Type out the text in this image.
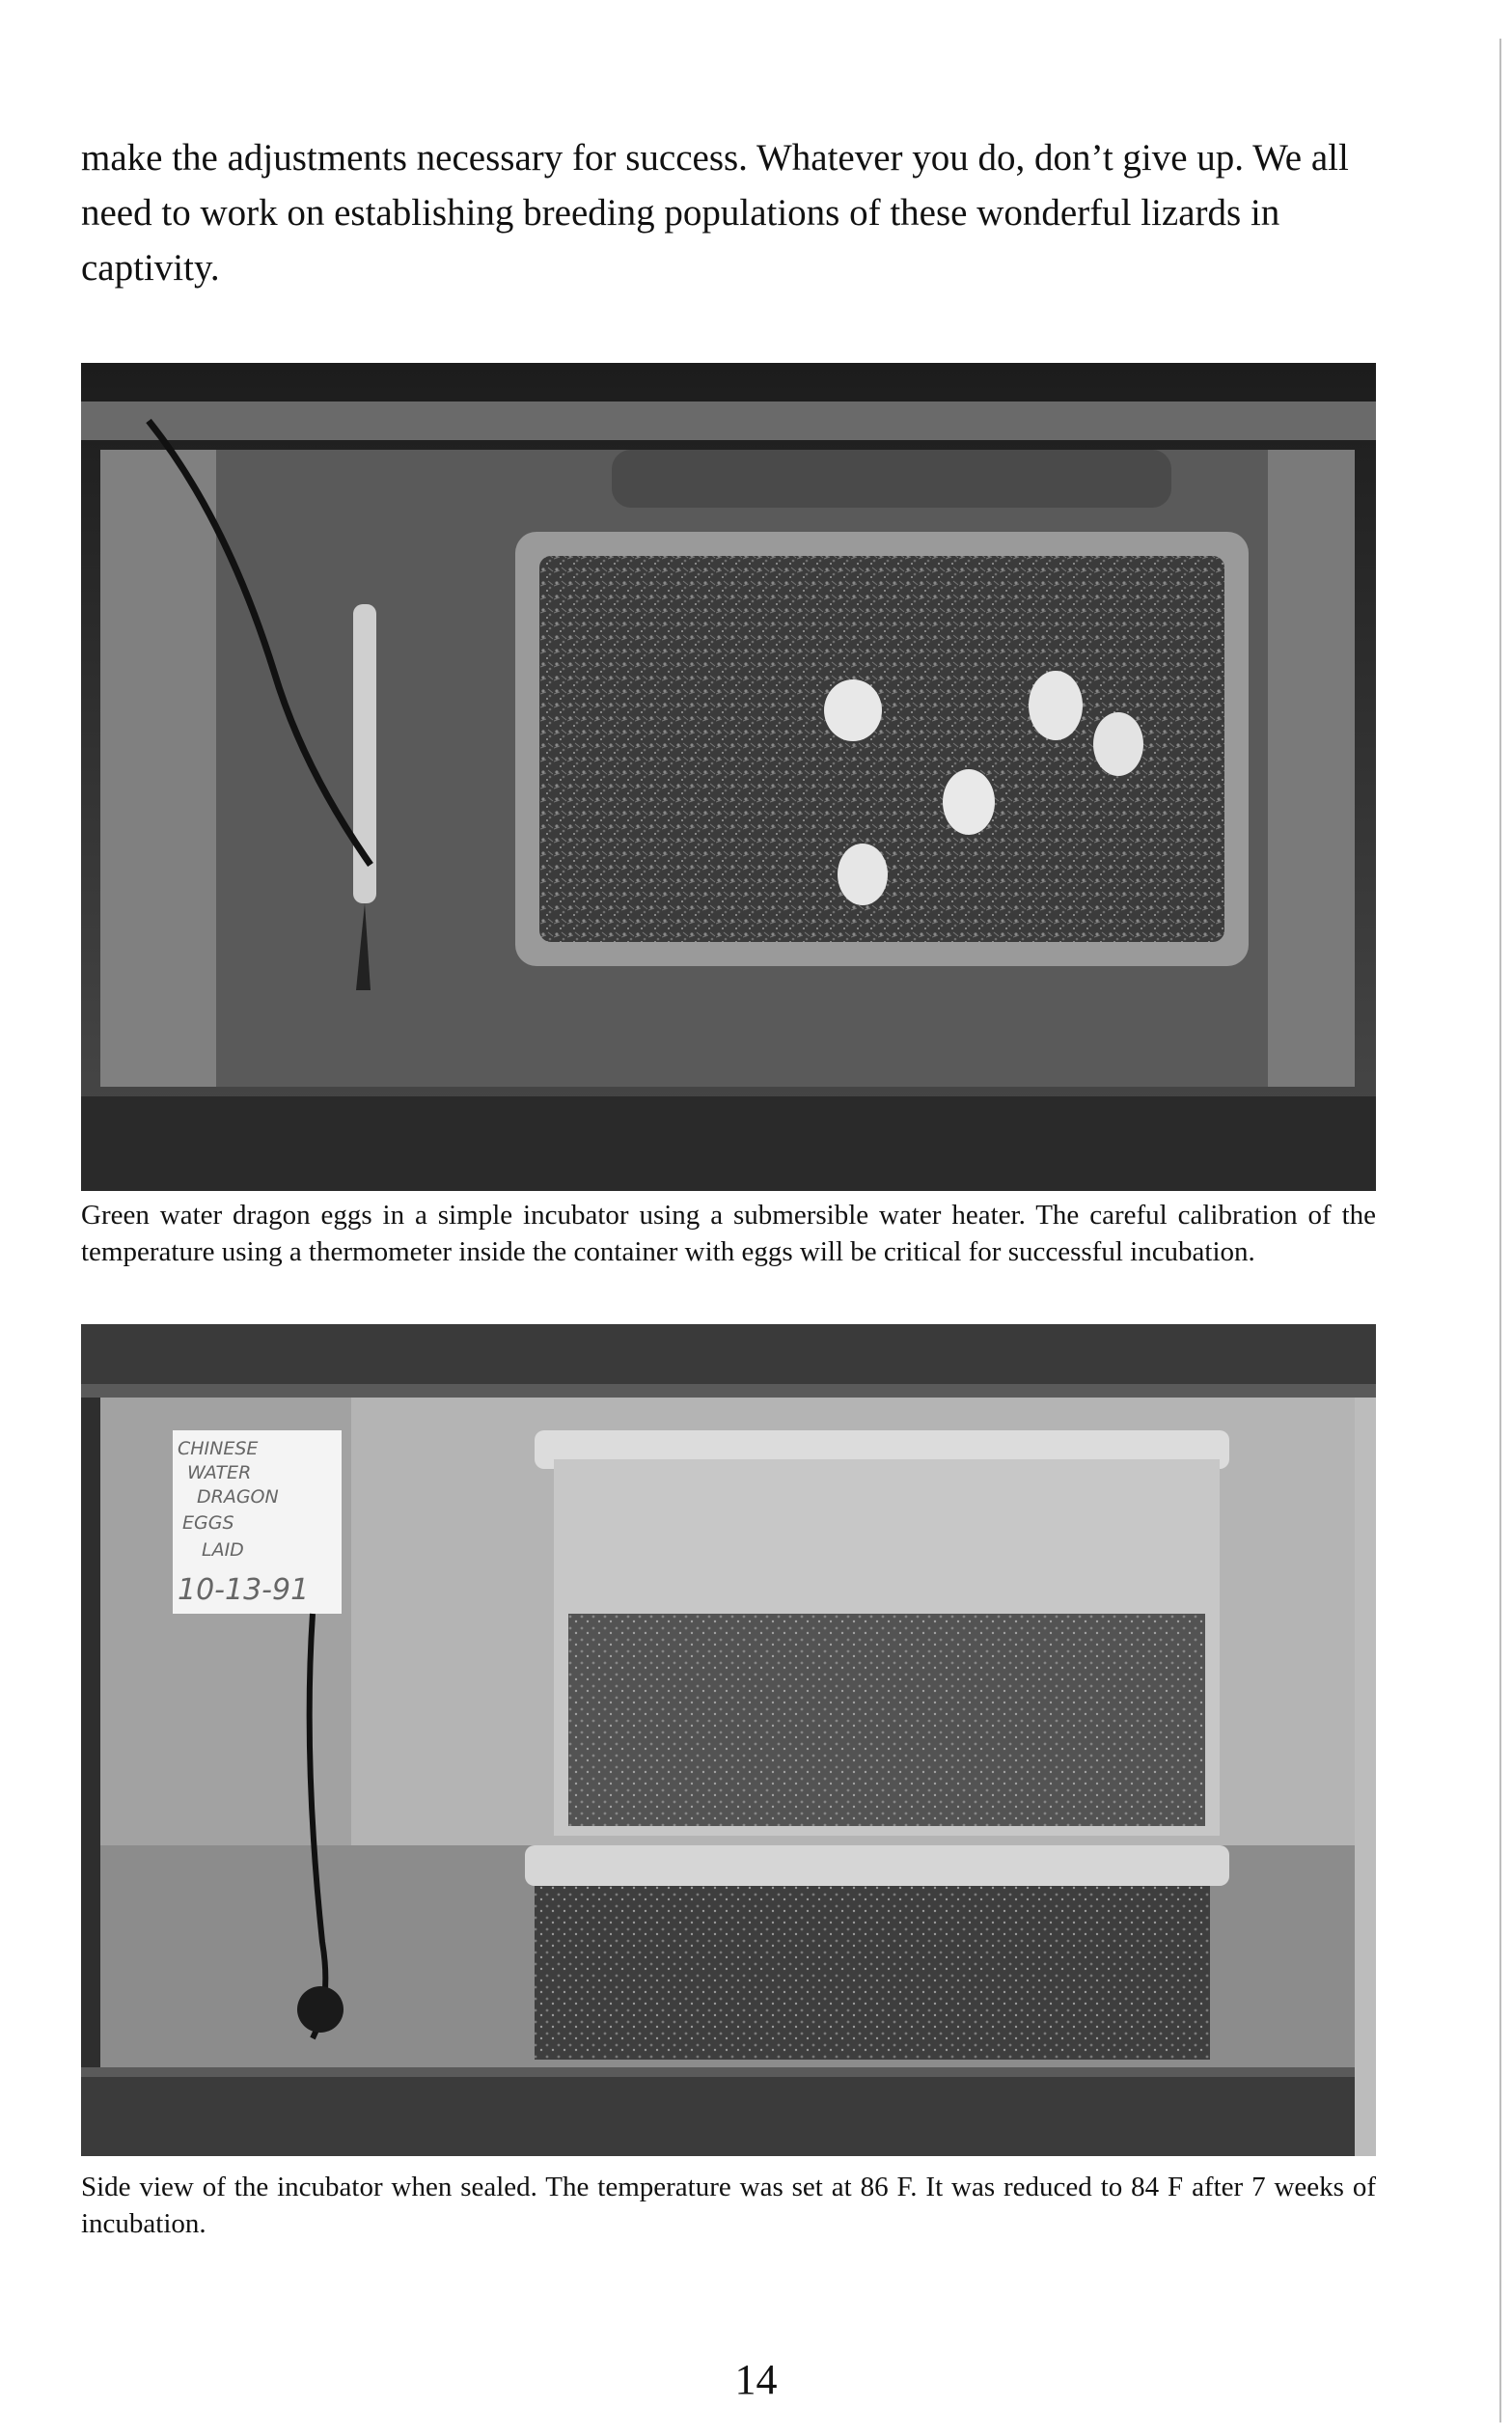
make the adjustments necessary for success. Whatever you do, don’t give up. We all need to work on establishing breeding populations of these wonderful lizards in captivity.

Green water dragon eggs in a simple incubator using a submersible water heater. The careful calibration of the temperature using a thermometer inside the container with eggs will be critical for successful incubation.

CHINESE
WATER
DRAGON
EGGS
LAID
10-13-91

Side view of the incubator when sealed. The temperature was set at 86 F. It was reduced to 84 F after 7 weeks of incubation.

14
